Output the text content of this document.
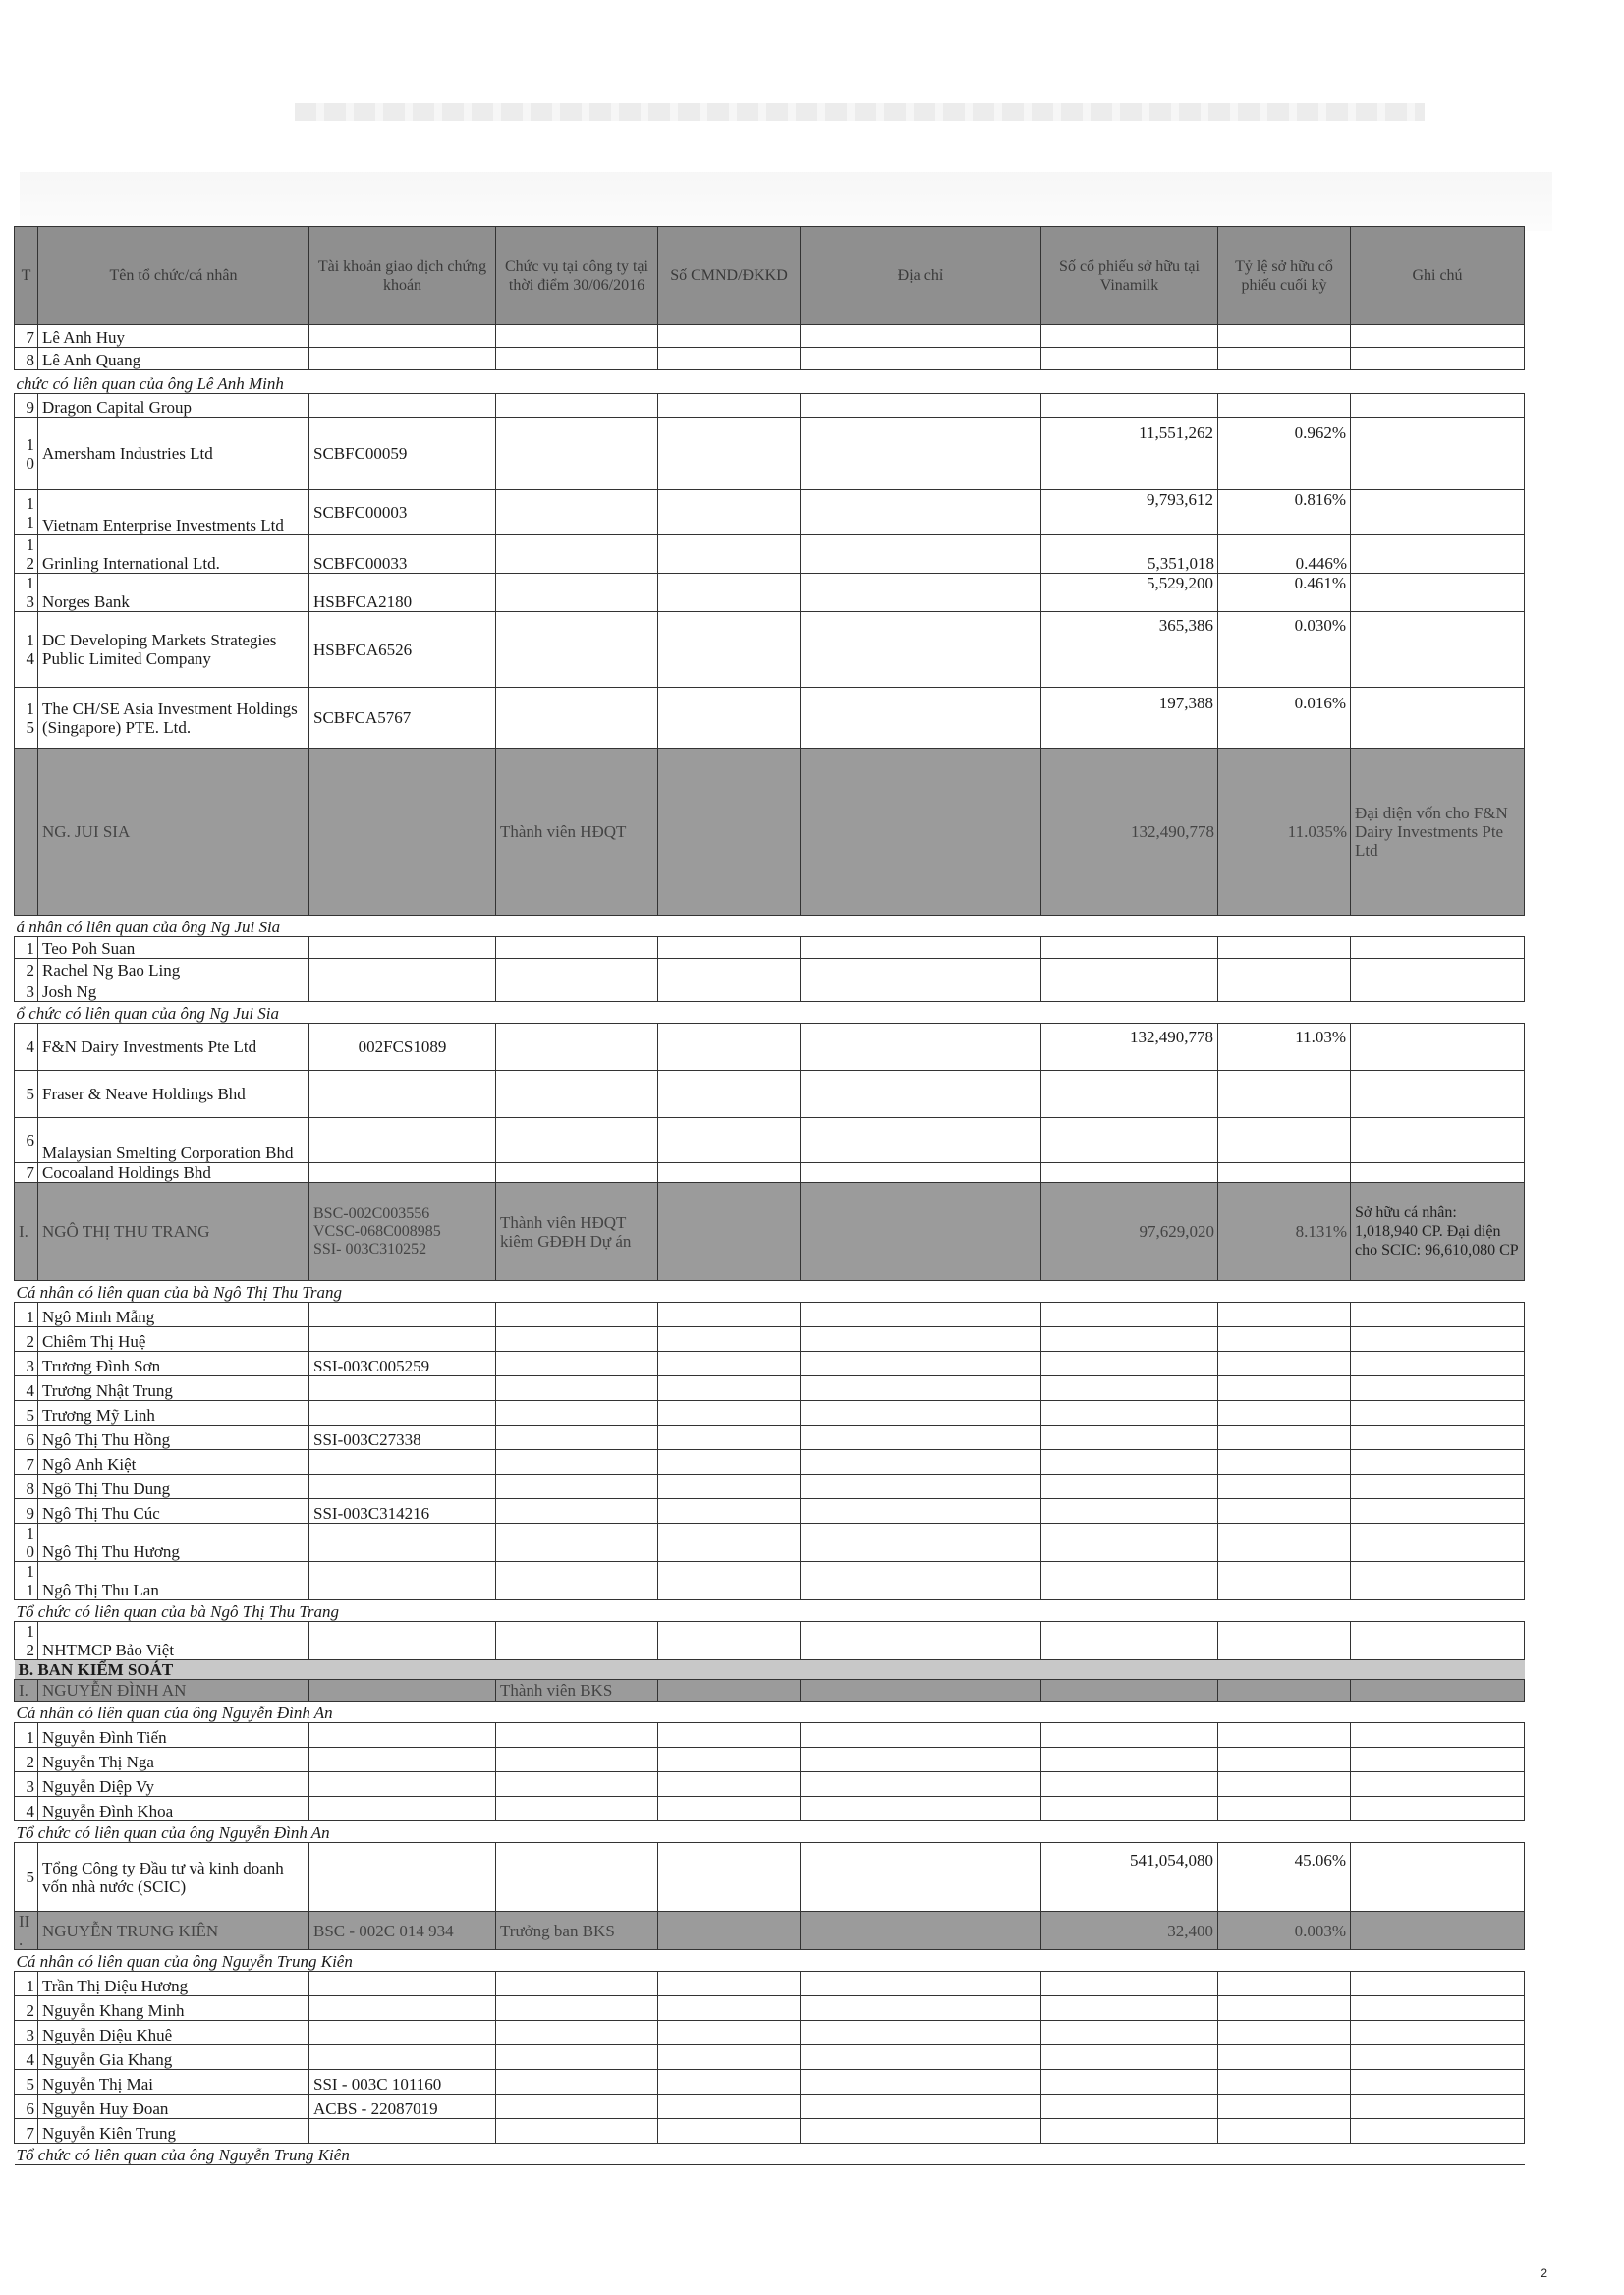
T	Tên tổ chức/cá nhân	Tài khoản giao dịch chứng khoán	Chức vụ tại công ty tại thời điểm 30/06/2016	Số CMND/ĐKKD	Địa chỉ	Số cổ phiếu sở hữu tại Vinamilk	Tỷ lệ sở hữu cổ phiếu cuối kỳ	Ghi chú
7	Lê Anh Huy							
8	Lê Anh Quang							
chức có liên quan của ông Lê Anh Minh								
9	Dragon Capital Group							
10	Amersham Industries Ltd	SCBFC00059				11,551,262	0.962%	
11	Vietnam Enterprise Investments Ltd	SCBFC00003				9,793,612	0.816%	
12	Grinling International Ltd.	SCBFC00033				5,351,018	0.446%	
13	Norges Bank	HSBFCA2180				5,529,200	0.461%	
14	DC Developing Markets Strategies Public Limited Company	HSBFCA6526				365,386	0.030%	
15	The CH/SE Asia Investment Holdings (Singapore) PTE. Ltd.	SCBFCA5767				197,388	0.016%	
	NG. JUI SIA		Thành viên HĐQT			132,490,778	11.035%	Đại diện vốn cho F&N Dairy Investments Pte Ltd
á nhân có liên quan của ông Ng Jui Sia								
1	Teo Poh Suan							
2	Rachel Ng Bao Ling							
3	Josh Ng							
ổ chức có liên quan của ông Ng Jui Sia								
4	F&N Dairy Investments Pte Ltd	002FCS1089				132,490,778	11.03%	
5	Fraser & Neave Holdings Bhd							
6	Malaysian Smelting Corporation Bhd							
7	Cocoaland Holdings Bhd							
I.	NGÔ THỊ THU TRANG	BSC-002C003556
VCSC-068C008985
SSI- 003C310252	Thành viên HĐQT kiêm GĐĐH Dự án			97,629,020	8.131%	Sở hữu cá nhân: 1,018,940 CP. Đại diện cho SCIC: 96,610,080 CP
Cá nhân có liên quan của bà Ngô Thị Thu Trang								
1	Ngô Minh Mẫng							
2	Chiêm Thị Huệ							
3	Trương Đình Sơn	SSI-003C005259						
4	Trương Nhật Trung							
5	Trương Mỹ Linh							
6	Ngô Thị Thu Hồng	SSI-003C27338						
7	Ngô Anh Kiệt							
8	Ngô Thị Thu Dung							
9	Ngô Thị Thu Cúc	SSI-003C314216						
10	Ngô Thị Thu Hương							
11	Ngô Thị Thu Lan							
Tổ chức có liên quan của bà Ngô Thị Thu Trang								
12	NHTMCP Bảo Việt							
B. BAN KIỂM SOÁT								
I.	NGUYỄN ĐÌNH AN		Thành viên BKS					
Cá nhân có liên quan của ông Nguyễn Đình An								
1	Nguyễn Đình Tiến							
2	Nguyễn Thị Nga							
3	Nguyễn Diệp Vy							
4	Nguyễn Đình Khoa							
Tổ chức có liên quan của ông Nguyễn Đình An								
5	Tổng Công ty Đầu tư và kinh doanh vốn nhà nước (SCIC)					541,054,080	45.06%	
II.	NGUYỄN TRUNG KIÊN	BSC - 002C 014 934	Trưởng ban BKS			32,400	0.003%	
Cá nhân có liên quan của ông Nguyễn Trung Kiên								
1	Trần Thị Diệu Hương							
2	Nguyễn Khang Minh							
3	Nguyễn Diệu Khuê							
4	Nguyễn Gia Khang							
5	Nguyễn Thị Mai	SSI - 003C 101160						
6	Nguyễn Huy Đoan	ACBS - 22087019						
7	Nguyễn Kiên Trung							
Tổ chức có liên quan của ông Nguyễn Trung Kiên								
2
